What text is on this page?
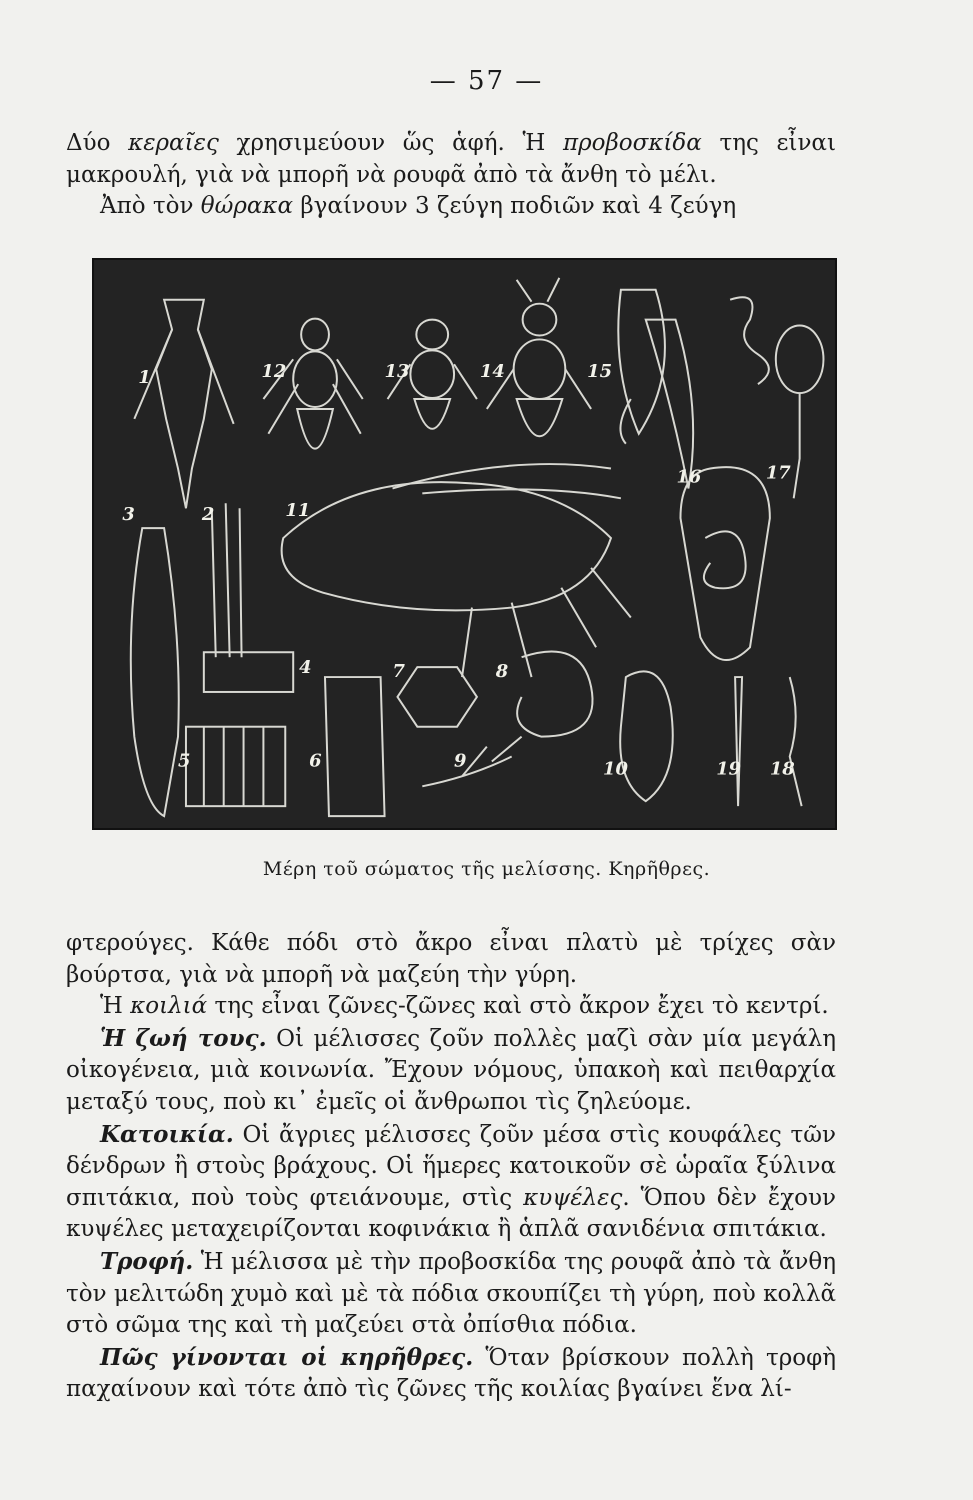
— 57 —

Δύο κεραῖες χρησιμεύουν ὥς ἁφή. Ἡ προβοσκίδα της εἶναι μακρουλή, γιὰ νὰ μπορῆ νὰ ρουφᾶ ἀπὸ τὰ ἄνθη τὸ μέλι.

Ἀπὸ τὸν θώρακα βγαίνουν 3 ζεύγη ποδιῶν καὶ 4 ζεύγη

1
2
3
4
5	6
7	8
9	10
11
12	13	14	15
16	17
18
19
Μέρη τοῦ σώματος τῆς μελίσσης. Κηρῆθρες.

φτερούγες. Κάθε πόδι στὸ ἄκρο εἶναι πλατὺ μὲ τρίχες σὰν βούρτσα, γιὰ νὰ μπορῆ νὰ μαζεύη τὴν γύρη.

Ἡ κοιλιά της εἶναι ζῶνες-ζῶνες καὶ στὸ ἄκρον ἔχει τὸ κεντρί.

Ἡ ζωή τους. Οἱ μέλισσες ζοῦν πολλὲς μαζὶ σὰν μία μεγάλη οἰκογένεια, μιὰ κοινωνία. Ἔχουν νόμους, ὑπακοὴ καὶ πειθαρχία μεταξύ τους, ποὺ κι᾽ ἐμεῖς οἱ ἄνθρωποι τὶς ζηλεύομε.

Κατοικία. Οἱ ἄγριες μέλισσες ζοῦν μέσα στὶς κουφάλες τῶν δένδρων ἢ στοὺς βράχους. Οἱ ἥμερες κατοικοῦν σὲ ὡραῖα ξύλινα σπιτάκια, ποὺ τοὺς φτειάνουμε, στὶς κυψέλες. Ὅπου δὲν ἔχουν κυψέλες μεταχειρίζονται κοφινάκια ἢ ἁπλᾶ σανιδένια σπιτάκια.

Τροφή. Ἡ μέλισσα μὲ τὴν προβοσκίδα της ρουφᾶ ἀπὸ τὰ ἄνθη τὸν μελιτώδη χυμὸ καὶ μὲ τὰ πόδια σκουπίζει τὴ γύρη, ποὺ κολλᾶ στὸ σῶμα της καὶ τὴ μαζεύει στὰ ὀπίσθια πόδια.

Πῶς γίνονται οἱ κηρῆθρες. Ὅταν βρίσκουν πολλὴ τροφὴ παχαίνουν καὶ τότε ἀπὸ τὶς ζῶνες τῆς κοιλίας βγαίνει ἕνα λί-
